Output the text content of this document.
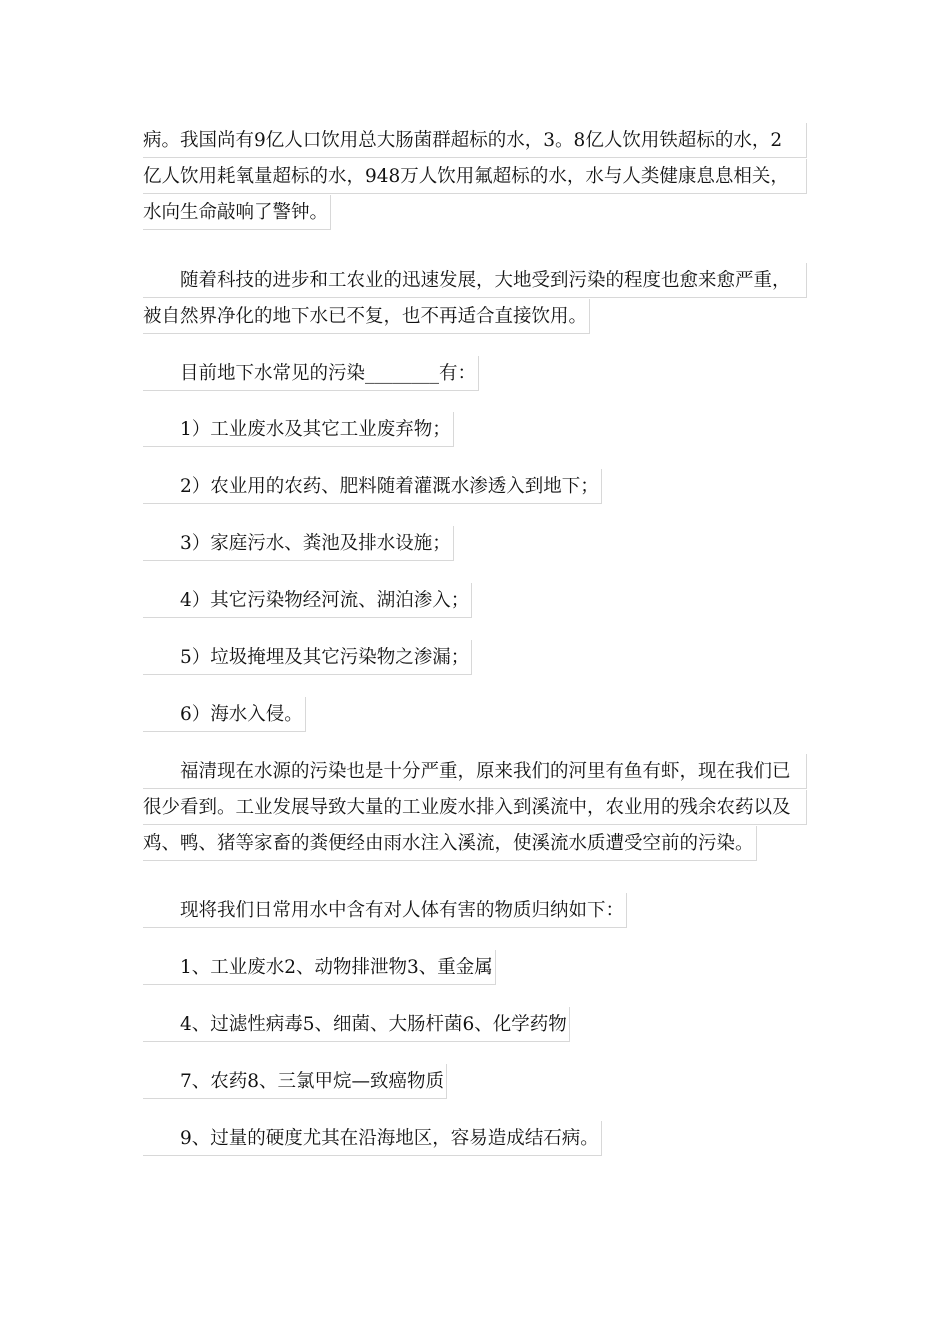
病。我国尚有9亿人口饮用总大肠菌群超标的水，3。8亿人饮用铁超标的水，2
亿人饮用耗氧量超标的水，948万人饮用氟超标的水，水与人类健康息息相关，
水向生命敲响了警钟。
随着科技的进步和工农业的迅速发展，大地受到污染的程度也愈来愈严重，
被自然界净化的地下水已不复，也不再适合直接饮用。
目前地下水常见的污染________有：
1）工业废水及其它工业废弃物；
2）农业用的农药、肥料随着灌溉水渗透入到地下；
3）家庭污水、粪池及排水设施；
4）其它污染物经河流、湖泊渗入；
5）垃圾掩埋及其它污染物之渗漏；
6）海水入侵。
福清现在水源的污染也是十分严重，原来我们的河里有鱼有虾，现在我们已
很少看到。工业发展导致大量的工业废水排入到溪流中，农业用的残余农药以及
鸡、鸭、猪等家畜的粪便经由雨水注入溪流，使溪流水质遭受空前的污染。
现将我们日常用水中含有对人体有害的物质归纳如下：
1、工业废水2、动物排泄物3、重金属
4、过滤性病毒5、细菌、大肠杆菌6、化学药物
7、农药8、三氯甲烷—致癌物质
9、过量的硬度尤其在沿海地区，容易造成结石病。
